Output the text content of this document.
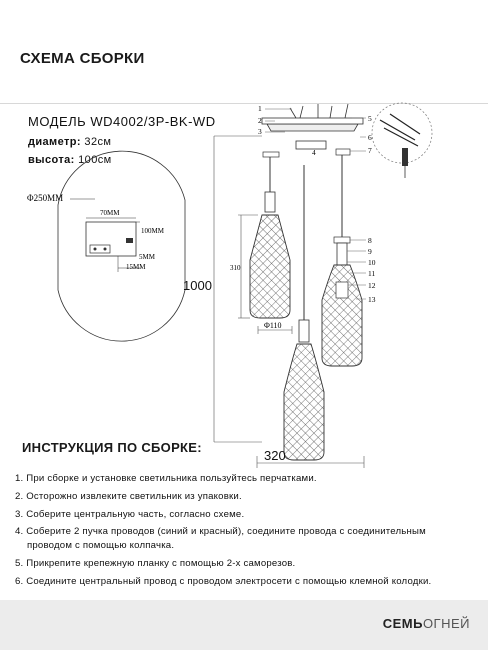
СХЕМА СБОРКИ
МОДЕЛЬ WD4002/3P-BK-WD
диаметр: 32см
высота: 100см
Φ250MM
70MM
100MM
5MM
15MM	310
Φ110
1
2
3
4
5
6
7
8
9
10
11
12
13
1000
320
ИНСТРУКЦИЯ ПО СБОРКЕ:
1. При сборке и установке светильника пользуйтесь перчатками.
2. Осторожно извлеките светильник из упаковки.
3. Соберите центральную часть, согласно схеме.
4. Соберите 2 пучка проводов (синий и красный), соедините провода с соединительным
проводом с помощью колпачка.
5. Прикрепите крепежную планку с помощью 2-х саморезов.
6. Соедините центральный провод с проводом электросети с помощью клемной колодки.
СЕМЬОГНЕЙ
